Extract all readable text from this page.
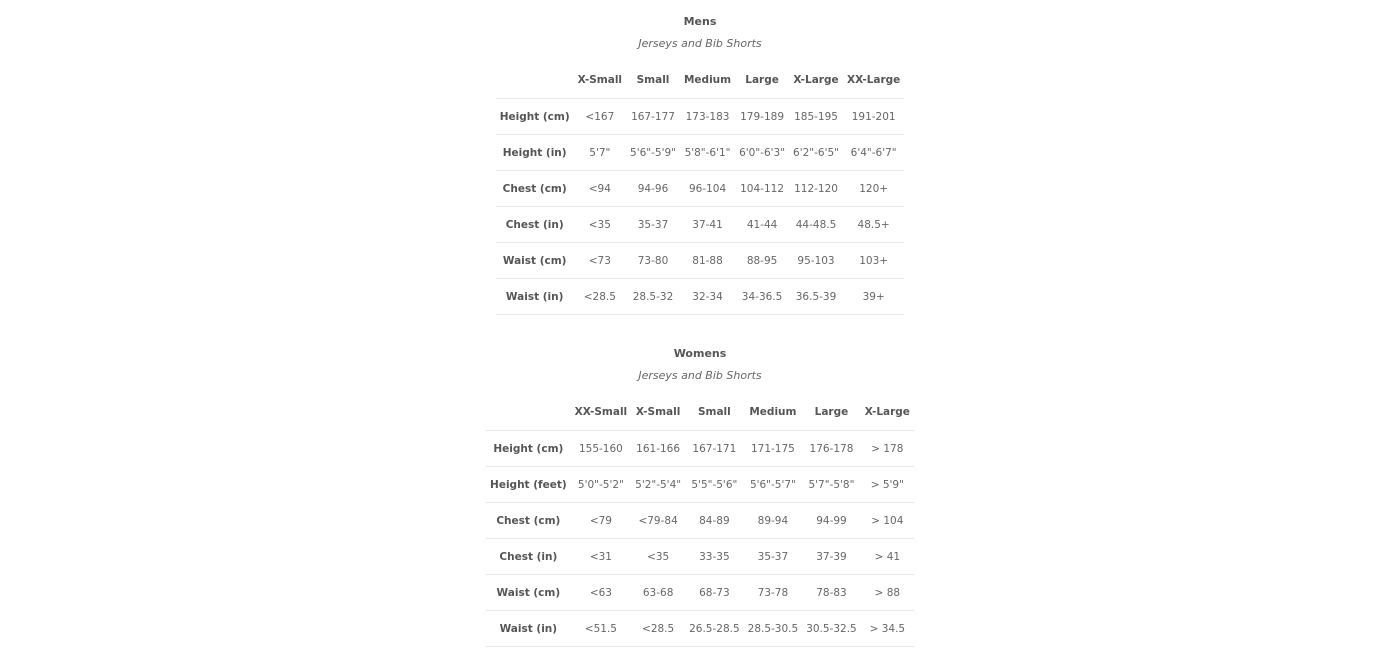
Mens
Jerseys and Bib Shorts
	X-Small	Small	Medium	Large	X-Large	XX-Large
Height (cm)	<167	167-177	173-183	179-189	185-195	191-201
Height (in)	5'7"	5'6"-5'9"	5'8"-6'1"	6'0"-6'3"	6'2"-6'5"	6'4"-6'7"
Chest (cm)	<94	94-96	96-104	104-112	112-120	120+
Chest (in)	<35	35-37	37-41	41-44	44-48.5	48.5+
Waist (cm)	<73	73-80	81-88	88-95	95-103	103+
Waist (in)	<28.5	28.5-32	32-34	34-36.5	36.5-39	39+
Womens
Jerseys and Bib Shorts
	XX-Small	X-Small	Small	Medium	Large	X-Large
Height (cm)	155-160	161-166	167-171	171-175	176-178	> 178
Height (feet)	5'0"-5'2"	5'2"-5'4"	5'5"-5'6"	5'6"-5'7"	5'7"-5'8"	> 5'9"
Chest (cm)	<79	<79-84	84-89	89-94	94-99	> 104
Chest (in)	<31	<35	33-35	35-37	37-39	> 41
Waist (cm)	<63	63-68	68-73	73-78	78-83	> 88
Waist (in)	<51.5	<28.5	26.5-28.5	28.5-30.5	30.5-32.5	> 34.5
